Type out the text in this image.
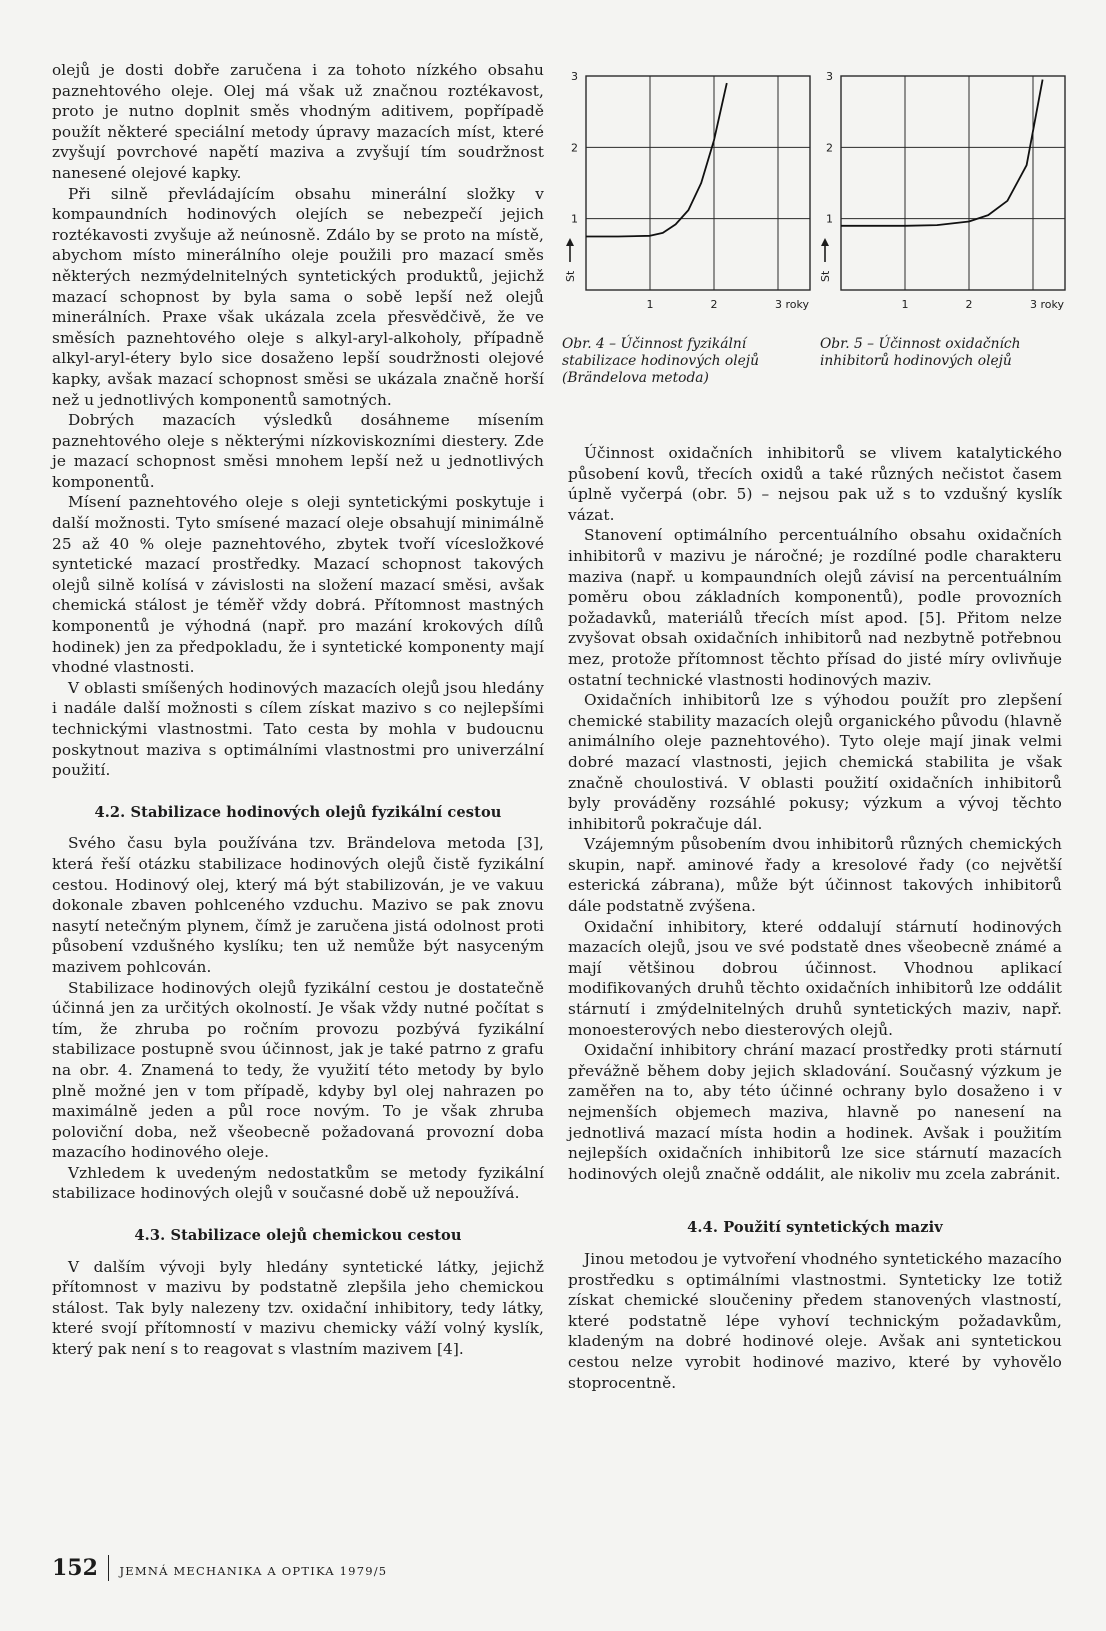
olejů je dosti dobře zaručena i za tohoto nízkého obsahu paznehtového oleje. Olej má však už značnou roztékavost, proto je nutno doplnit směs vhodným aditivem, popřípadě použít některé speciální metody úpravy mazacích míst, které zvyšují povrchové napětí maziva a zvyšují tím soudržnost nanesené olejové kapky.

Při silně převládajícím obsahu minerální složky v kompaundních hodinových olejích se nebezpečí jejich roztékavosti zvyšuje až neúnosně. Zdálo by se proto na místě, abychom místo minerálního oleje použili pro mazací směs některých nezmýdelnitelných syntetických produktů, jejichž mazací schopnost by byla sama o sobě lepší než olejů minerálních. Praxe však ukázala zcela přesvědčivě, že ve směsích paznehtového oleje s alkyl-aryl-alkoholy, případně alkyl-aryl-étery bylo sice dosaženo lepší soudržnosti olejové kapky, avšak mazací schopnost směsi se ukázala značně horší než u jednotlivých komponentů samotných.

Dobrých mazacích výsledků dosáhneme mísením paznehtového oleje s některými nízkoviskozními diestery. Zde je mazací schopnost směsi mnohem lepší než u jednotlivých komponentů.

Mísení paznehtového oleje s oleji syntetickými poskytuje i další možnosti. Tyto smísené mazací oleje obsahují minimálně 25 až 40 % oleje paznehtového, zbytek tvoří vícesložkové syntetické mazací prostředky. Mazací schopnost takových olejů silně kolísá v závislosti na složení mazací směsi, avšak chemická stálost je téměř vždy dobrá. Přítomnost mastných komponentů je výhodná (např. pro mazání krokových dílů hodinek) jen za předpokladu, že i syntetické komponenty mají vhodné vlastnosti.

V oblasti smíšených hodinových mazacích olejů jsou hledány i nadále další možnosti s cílem získat mazivo s co nejlepšími technickými vlastnostmi. Tato cesta by mohla v budoucnu poskytnout maziva s optimálními vlastnostmi pro univerzální použití.

4.2. Stabilizace hodinových olejů fyzikální cestou

Svého času byla používána tzv. Brändelova metoda [3], která řeší otázku stabilizace hodinových olejů čistě fyzikální cestou. Hodinový olej, který má být stabilizován, je ve vakuu dokonale zbaven pohlceného vzduchu. Mazivo se pak znovu nasytí netečným plynem, čímž je zaručena jistá odolnost proti působení vzdušného kyslíku; ten už nemůže být nasyceným mazivem pohlcován.

Stabilizace hodinových olejů fyzikální cestou je dostatečně účinná jen za určitých okolností. Je však vždy nutné počítat s tím, že zhruba po ročním provozu pozbývá fyzikální stabilizace postupně svou účinnost, jak je také patrno z grafu na obr. 4. Znamená to tedy, že využití této metody by bylo plně možné jen v tom případě, kdyby byl olej nahrazen po maximálně jeden a půl roce novým. To je však zhruba poloviční doba, než všeobecně požadovaná provozní doba mazacího hodinového oleje.

Vzhledem k uvedeným nedostatkům se metody fyzikální stabilizace hodinových olejů v současné době už nepoužívá.

4.3. Stabilizace olejů chemickou cestou

V dalším vývoji byly hledány syntetické látky, jejichž přítomnost v mazivu by podstatně zlepšila jeho chemickou stálost. Tak byly nalezeny tzv. oxidační inhibitory, tedy látky, které svojí přítomností v mazivu chemicky váží volný kyslík, který pak není s to reagovat s vlastním mazivem [4].

1	2	3 roky
1
2
3
St
1	2	3 roky
1
2
3
St
Obr. 4 – Účinnost fyzikální stabilizace hodinových olejů (Brändelova metoda)
Obr. 5 – Účinnost oxidačních inhibitorů hodinových olejů

Účinnost oxidačních inhibitorů se vlivem katalytického působení kovů, třecích oxidů a také různých nečistot časem úplně vyčerpá (obr. 5) – nejsou pak už s to vzdušný kyslík vázat.

Stanovení optimálního percentuálního obsahu oxidačních inhibitorů v mazivu je náročné; je rozdílné podle charakteru maziva (např. u kompaundních olejů závisí na percentuálním poměru obou základních komponentů), podle provozních požadavků, materiálů třecích míst apod. [5]. Přitom nelze zvyšovat obsah oxidačních inhibitorů nad nezbytně potřebnou mez, protože přítomnost těchto přísad do jisté míry ovlivňuje ostatní technické vlastnosti hodinových maziv.

Oxidačních inhibitorů lze s výhodou použít pro zlepšení chemické stability mazacích olejů organického původu (hlavně animálního oleje paznehtového). Tyto oleje mají jinak velmi dobré mazací vlastnosti, jejich chemická stabilita je však značně choulostivá. V oblasti použití oxidačních inhibitorů byly prováděny rozsáhlé pokusy; výzkum a vývoj těchto inhibitorů pokračuje dál.

Vzájemným působením dvou inhibitorů různých chemických skupin, např. aminové řady a kresolové řady (co největší esterická zábrana), může být účinnost takových inhibitorů dále podstatně zvýšena.

Oxidační inhibitory, které oddalují stárnutí hodinových mazacích olejů, jsou ve své podstatě dnes všeobecně známé a mají většinou dobrou účinnost. Vhodnou aplikací modifikovaných druhů těchto oxidačních inhibitorů lze oddálit stárnutí i zmýdelnitelných druhů syntetických maziv, např. monoesterových nebo diesterových olejů.

Oxidační inhibitory chrání mazací prostředky proti stárnutí převážně během doby jejich skladování. Současný výzkum je zaměřen na to, aby této účinné ochrany bylo dosaženo i v nejmenších objemech maziva, hlavně po nanesení na jednotlivá mazací místa hodin a hodinek. Avšak i použitím nejlepších oxidačních inhibitorů lze sice stárnutí mazacích hodinových olejů značně oddálit, ale nikoliv mu zcela zabránit.

4.4. Použití syntetických maziv

Jinou metodou je vytvoření vhodného syntetického mazacího prostředku s optimálními vlastnostmi. Synteticky lze totiž získat chemické sloučeniny předem stanovených vlastností, které podstatně lépe vyhoví technickým požadavkům, kladeným na dobré hodinové oleje. Avšak ani syntetickou cestou nelze vyrobit hodinové mazivo, které by vyhovělo stoprocentně.

152 JEMNÁ MECHANIKA A OPTIKA 1979/5
